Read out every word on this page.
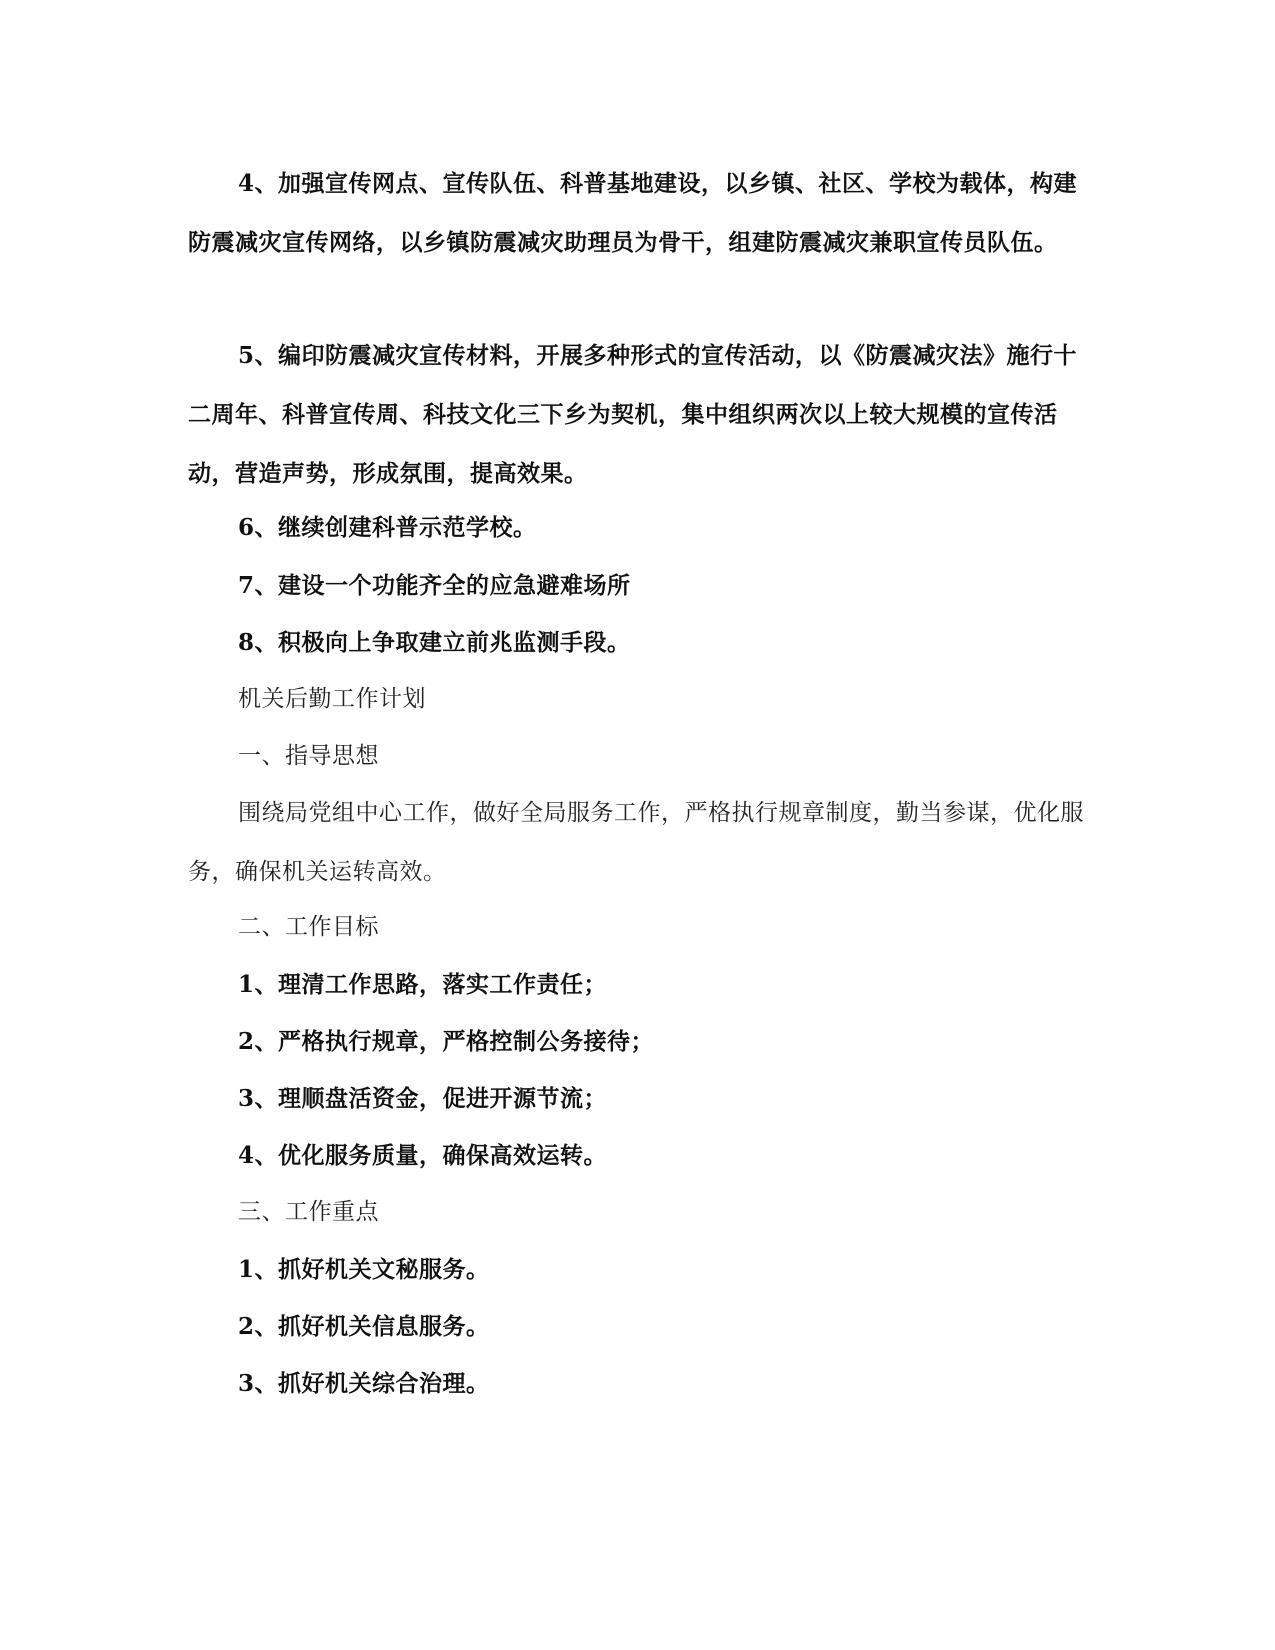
4、加强宣传网点、宣传队伍、科普基地建设，以乡镇、社区、学校为载体，构建防震减灾宣传网络，以乡镇防震减灾助理员为骨干，组建防震减灾兼职宣传员队伍。

5、编印防震减灾宣传材料，开展多种形式的宣传活动，以《防震减灾法》施行十二周年、科普宣传周、科技文化三下乡为契机，集中组织两次以上较大规模的宣传活动，营造声势，形成氛围，提高效果。

6、继续创建科普示范学校。

7、建设一个功能齐全的应急避难场所

8、积极向上争取建立前兆监测手段。

机关后勤工作计划

一、指导思想

围绕局党组中心工作，做好全局服务工作，严格执行规章制度，勤当参谋，优化服务，确保机关运转高效。

二、工作目标

1、理清工作思路，落实工作责任；

2、严格执行规章，严格控制公务接待；

3、理顺盘活资金，促进开源节流；

4、优化服务质量，确保高效运转。

三、工作重点

1、抓好机关文秘服务。

2、抓好机关信息服务。

3、抓好机关综合治理。
